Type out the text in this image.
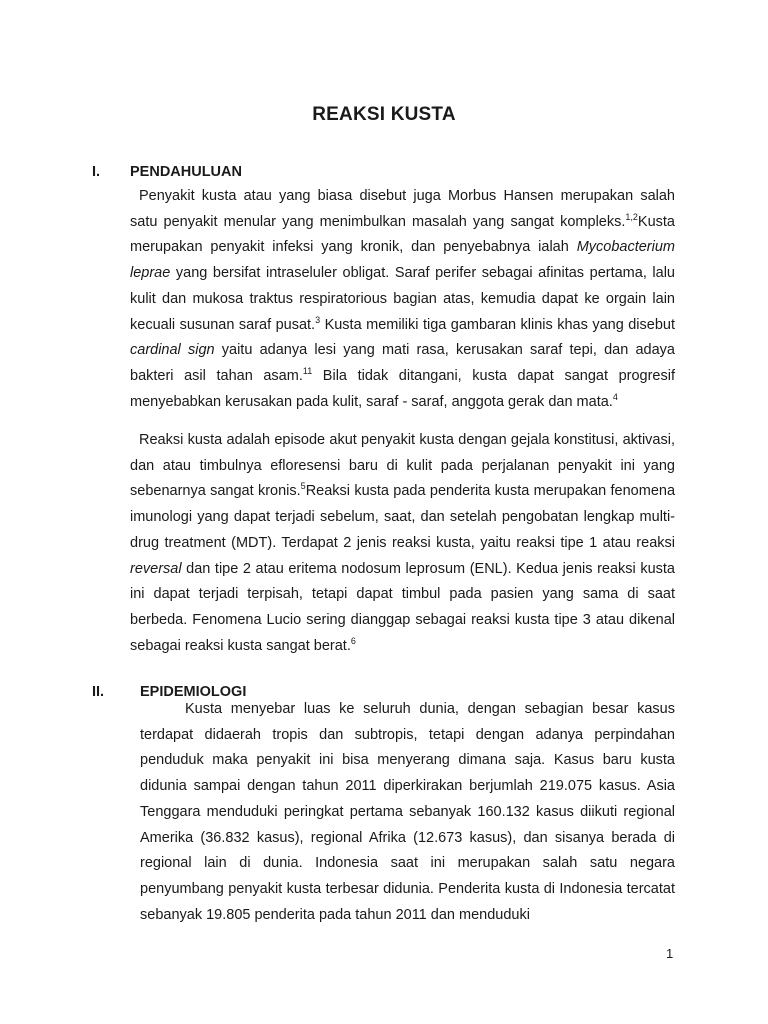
REAKSI KUSTA
I. PENDAHULUAN

Penyakit kusta atau yang biasa disebut juga Morbus Hansen merupakan salah satu penyakit menular yang menimbulkan masalah yang sangat kompleks.$^{1,2}$Kusta merupakan penyakit infeksi yang kronik, dan penyebabnya ialah Mycobacterium leprae yang bersifat intraseluler obligat. Saraf perifer sebagai afinitas pertama, lalu kulit dan mukosa traktus respiratorious bagian atas, kemudia dapat ke orgain lain kecuali susunan saraf pusat.$^3$ Kusta memiliki tiga gambaran klinis khas yang disebut cardinal sign yaitu adanya lesi yang mati rasa, kerusakan saraf tepi, dan adaya bakteri asil tahan asam.$^{11}$ Bila tidak ditangani, kusta dapat sangat progresif menyebabkan kerusakan pada kulit, saraf - saraf, anggota gerak dan mata.$^4$

Reaksi kusta adalah episode akut penyakit kusta dengan gejala konstitusi, aktivasi, dan atau timbulnya efloresensi baru di kulit pada perjalanan penyakit ini yang sebenarnya sangat kronis.$^5$Reaksi kusta pada penderita kusta merupakan fenomena imunologi yang dapat terjadi sebelum, saat, dan setelah pengobatan lengkap multi-drug treatment (MDT). Terdapat 2 jenis reaksi kusta, yaitu reaksi tipe 1 atau reaksi reversal dan tipe 2 atau eritema nodosum leprosum (ENL). Kedua jenis reaksi kusta ini dapat terjadi terpisah, tetapi dapat timbul pada pasien yang sama di saat berbeda. Fenomena Lucio sering dianggap sebagai reaksi kusta tipe 3 atau dikenal sebagai reaksi kusta sangat berat.$^6$

II. EPIDEMIOLOGI

Kusta menyebar luas ke seluruh dunia, dengan sebagian besar kasus terdapat didaerah tropis dan subtropis, tetapi dengan adanya perpindahan penduduk maka penyakit ini bisa menyerang dimana saja. Kasus baru kusta didunia sampai dengan tahun 2011 diperkirakan berjumlah 219.075 kasus. Asia Tenggara menduduki peringkat pertama sebanyak 160.132 kasus diikuti regional Amerika (36.832 kasus), regional Afrika (12.673 kasus), dan sisanya berada di regional lain di dunia. Indonesia saat ini merupakan salah satu negara penyumbang penyakit kusta terbesar didunia. Penderita kusta di Indonesia tercatat sebanyak 19.805 penderita pada tahun 2011 dan menduduki

1
